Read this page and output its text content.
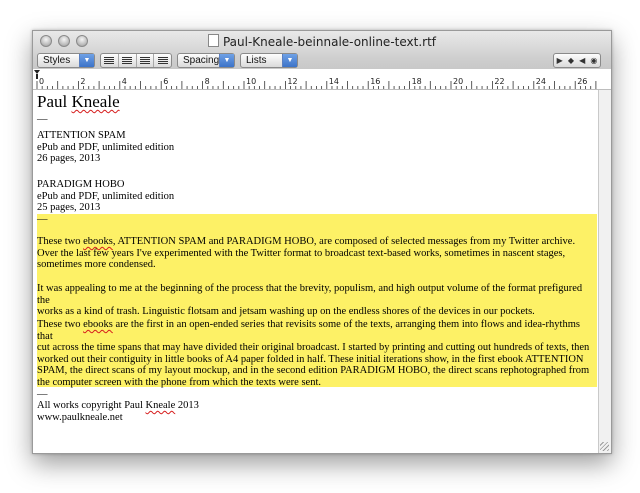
Paul-Kneale-beinnale-online-text.rtf
Styles	▼	Spacing ▼	Lists	▼	▶ ◆ ◀ ◉
0	2	4	6	8	10	12	14	16	18	20	22	24	26

Paul Kneale

—

ATTENTION SPAM

ePub and PDF, unlimited edition

26 pages, 2013

PARADIGM HOBO

ePub and PDF, unlimited edition

25 pages, 2013

—

These two ebooks, ATTENTION SPAM and PARADIGM HOBO, are composed of selected messages from my Twitter archive.

Over the last few years I've experimented with the Twitter format to broadcast text-based works, sometimes in nascent stages,

sometimes more condensed.

It was appealing to me at the beginning of the process that the brevity, populism, and high output volume of the format prefigured the

works as a kind of trash. Linguistic flotsam and jetsam washing up on the endless shores of the devices in our pockets.

These two ebooks are the first in an open-ended series that revisits some of the texts, arranging them into flows and idea-rhythms that

cut across the time spans that may have divided their original broadcast. I started by printing and cutting out hundreds of texts, then

worked out their contiguity in little books of A4 paper folded in half. These initial iterations show, in the first ebook ATTENTION

SPAM, the direct scans of my layout mockup, and in the second edition PARADIGM HOBO, the direct scans rephotographed from

the computer screen with the phone from which the texts were sent.

—

All works copyright Paul Kneale 2013

www.paulkneale.net
